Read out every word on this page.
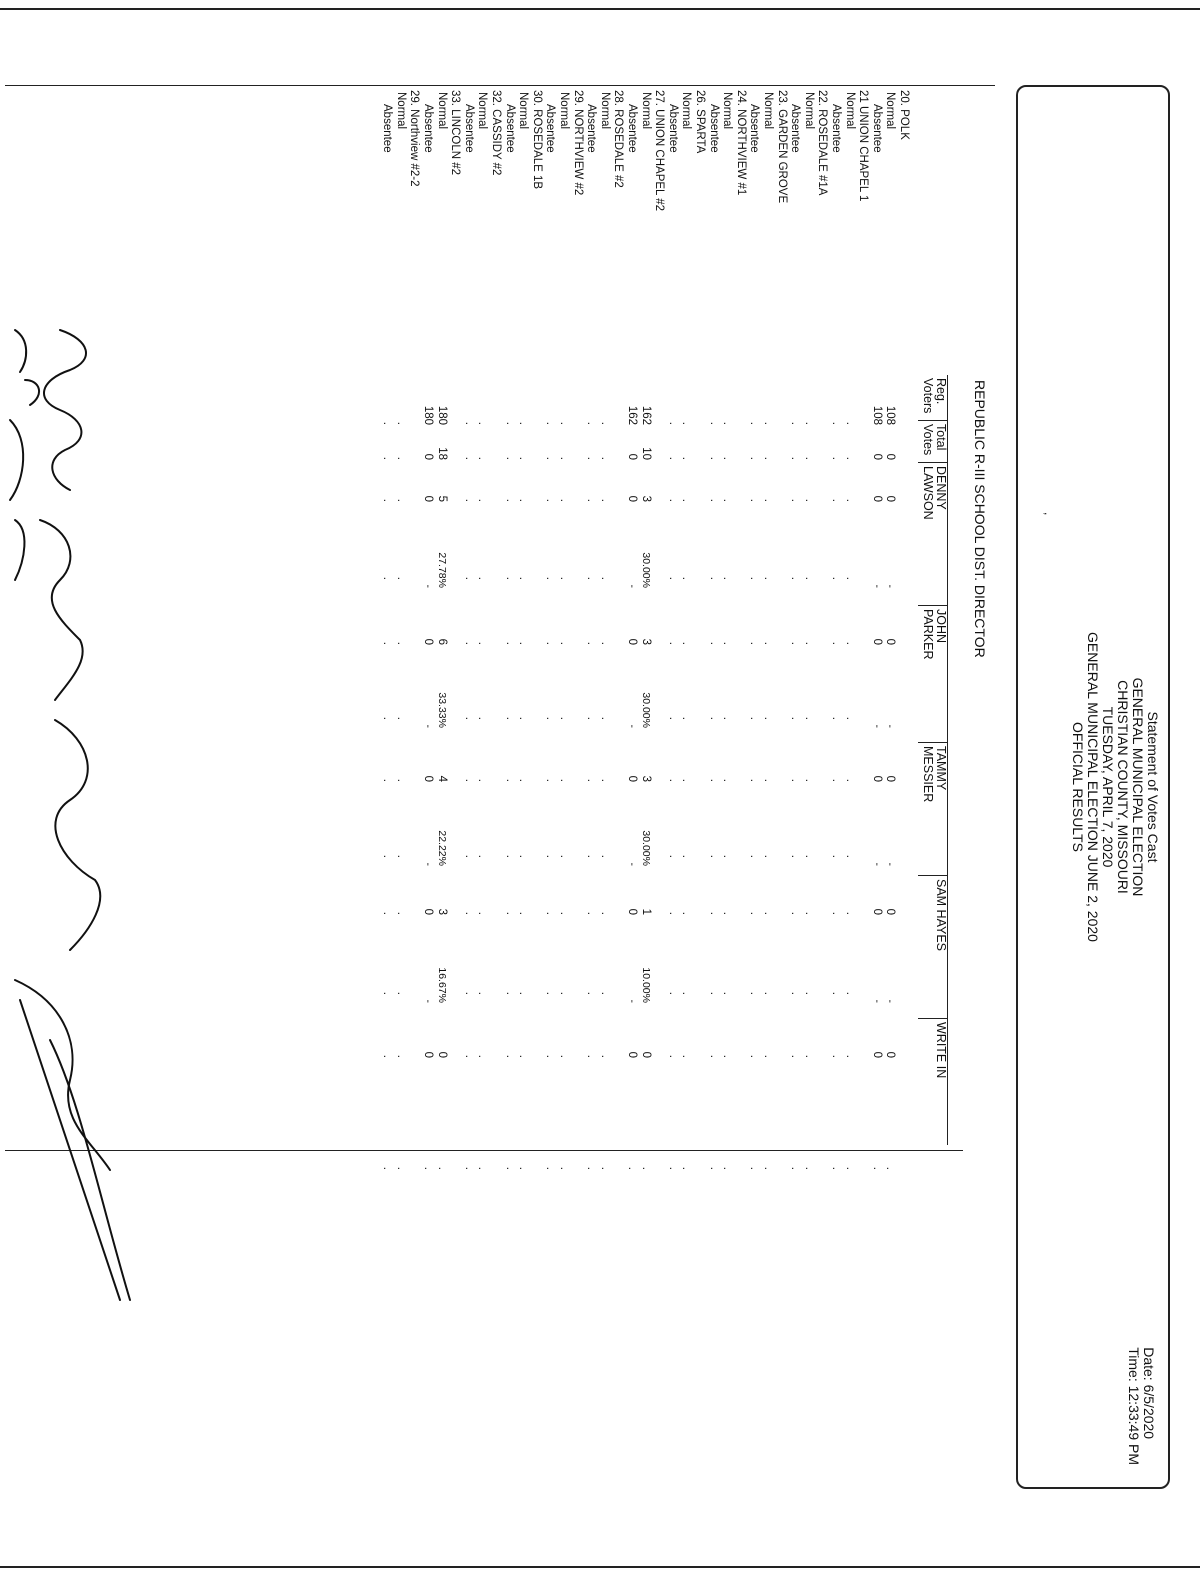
Statement of Votes Cast
GENERAL MUNICIPAL ELECTION
CHRISTIAN COUNTY, MISSOURI
TUESDAY, APRIL 7, 2020
GENERAL MUNICIPAL ELECTION JUNE 2, 2020
OFFICIAL RESULTS
Date: 6/5/2020
Time: 12:33:49 PM
,
REPUBLIC R-III SCHOOL DIST. DIRECTOR
Reg.
Voters
Total
Votes
DENNY
LAWSON
JOHN
PARKER
TAMMY
MESSIER
SAM HAYES
WRITE IN
20. POLK
Normal
108
0
0
-
0
-
0
-
0
-
0
.
Absentee
108
0
0
-
0
-
0
-
0
-
0
.
21 UNION CHAPEL 1
Normal
.
.
.
.
.
.
.
.
.
.
.
.
Absentee
.
.
.
.
.
.
.
.
.
.
.
.
22. ROSEDALE #1A
Normal
.
.
.
.
.
.
.
.
.
.
.
.
Absentee
.
.
.
.
.
.
.
.
.
.
.
.
23. GARDEN GROVE
Normal
.
.
.
.
.
.
.
.
.
.
.
.
Absentee
.
.
.
.
.
.
.
.
.
.
.
.
24. NORTHVIEW #1
Normal
.
.
.
.
.
.
.
.
.
.
.
.
Absentee
.
.
.
.
.
.
.
.
.
.
.
.
26. SPARTA
Normal
.
.
.
.
.
.
.
.
.
.
.
.
Absentee
.
.
.
.
.
.
.
.
.
.
.
.
27. UNION CHAPEL #2
Normal
162
10
3
30.00%
3
30.00%
3
30.00%
1
10.00%
0
.
Absentee
162
0
0
-
0
-
0
-
0
-
0
.
28. ROSEDALE #2
Normal
.
.
.
.
.
.
.
.
.
.
.
.
Absentee
.
.
.
.
.
.
.
.
.
.
.
.
29. NORTHVIEW #2
Normal
.
.
.
.
.
.
.
.
.
.
.
.
Absentee
.
.
.
.
.
.
.
.
.
.
.
.
30. ROSEDALE 1B
Normal
.
.
.
.
.
.
.
.
.
.
.
.
Absentee
.
.
.
.
.
.
.
.
.
.
.
.
32. CASSIDY #2
Normal
.
.
.
.
.
.
.
.
.
.
.
.
Absentee
.
.
.
.
.
.
.
.
.
.
.
.
33. LINCOLN #2
Normal
180
18
5
27.78%
6
33.33%
4
22.22%
3
16.67%
0
.
Absentee
180
0
0
-
0
-
0
-
0
-
0
.
29. Northview #2-2
Normal
.
.
.
.
.
.
.
.
.
.
.
.
Absentee
.
.
.
.
.
.
.
.
.
.
.
.
